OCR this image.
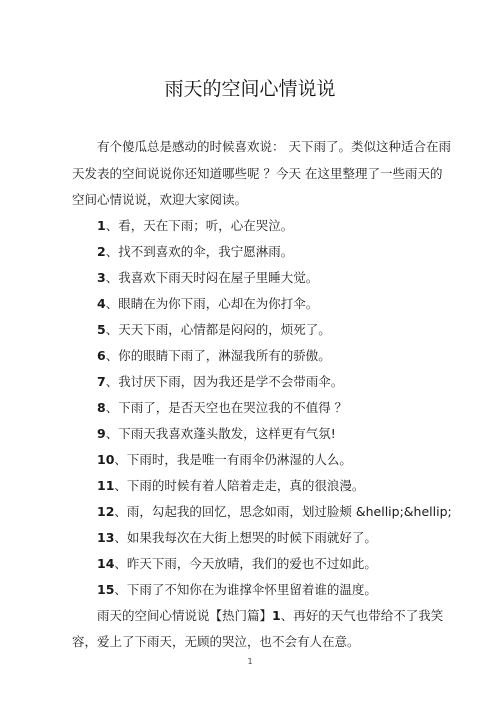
雨天的空间心情说说
有个傻瓜总是感动的时候喜欢说： 天下雨了。类似这种适合在雨
天发表的空间说说你还知道哪些呢 ？今天 在这里整理了一些雨天的
空间心情说说，欢迎大家阅读。
1、看，天在下雨；听，心在哭泣。
2、找不到喜欢的伞，我宁愿淋雨。
3、我喜欢下雨天时闷在屋子里睡大觉。
4、眼睛在为你下雨，心却在为你打伞。
5、天天下雨，心情都是闷闷的，烦死了。
6、你的眼睛下雨了，淋湿我所有的骄傲。
7、我讨厌下雨，因为我还是学不会带雨伞。
8、下雨了，是否天空也在哭泣我的不值得 ？
9、下雨天我喜欢蓬头散发，这样更有气氛!
10、下雨时，我是唯一有雨伞仍淋湿的人么。
11、下雨的时候有着人陪着走走，真的很浪漫。
12、雨，勾起我的回忆，思念如雨，划过脸颊 &hellip;&hellip;
13、如果我每次在大街上想哭的时候下雨就好了。
14、昨天下雨，今天放晴，我们的爱也不过如此。
15、下雨了不知你在为谁撑伞怀里留着谁的温度。
雨天的空间心情说说【热门篇】1、再好的天气也带给不了我笑
容，爱上了下雨天，无顾的哭泣，也不会有人在意。
1
